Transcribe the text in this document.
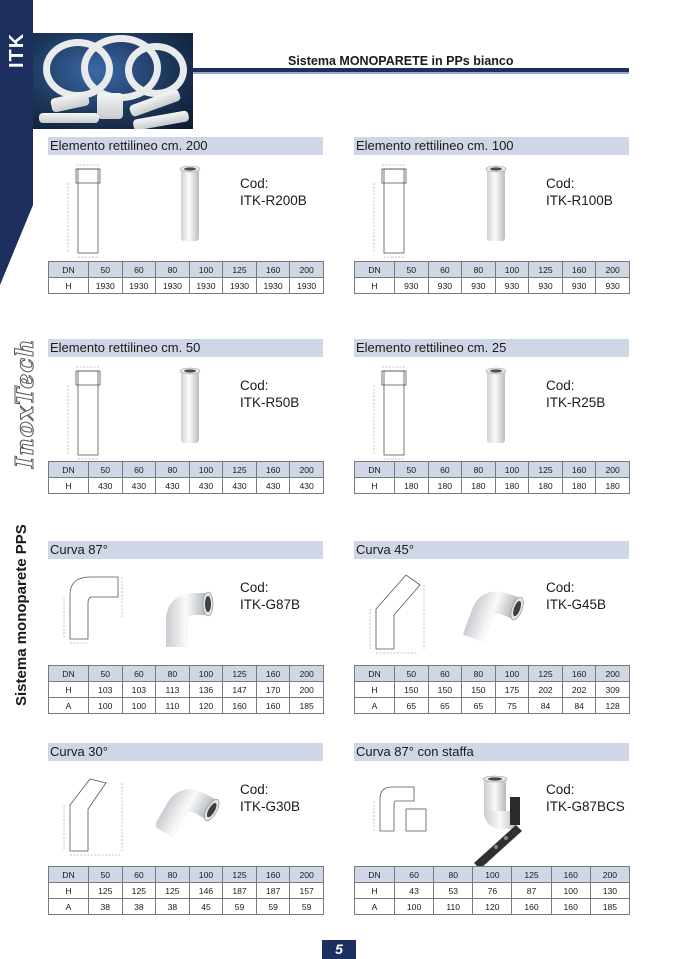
ITK
InoxTech
Sistema monoparete PPS
Sistema MONOPARETE in PPs bianco
Elemento rettilineo cm. 200
Cod:
ITK-R200B
DN	50	60	80	100	125	160	200
H	1930	1930	1930	1930	1930	1930	1930
Elemento rettilineo cm. 100
Cod:
ITK-R100B
DN	50	60	80	100	125	160	200
H	930	930	930	930	930	930	930
Elemento rettilineo cm. 50
Cod:
ITK-R50B
DN	50	60	80	100	125	160	200
H	430	430	430	430	430	430	430
Elemento rettilineo cm. 25
Cod:
ITK-R25B
DN	50	60	80	100	125	160	200
H	180	180	180	180	180	180	180
Curva 87°
Cod:
ITK-G87B
DN	50	60	80	100	125	160	200
H	103	103	113	136	147	170	200
A	100	100	110	120	160	160	185
Curva 45°
Cod:
ITK-G45B
DN	50	60	80	100	125	160	200
H	150	150	150	175	202	202	309
A	65	65	65	75	84	84	128
Curva 30°
Cod:
ITK-G30B
DN	50	60	80	100	125	160	200
H	125	125	125	146	187	187	157
A	38	38	38	45	59	59	59
Curva 87° con staffa
Cod:
ITK-G87BCS
DN	60	80	100	125	160	200
H	43	53	76	87	100	130
A	100	110	120	160	160	185
5
